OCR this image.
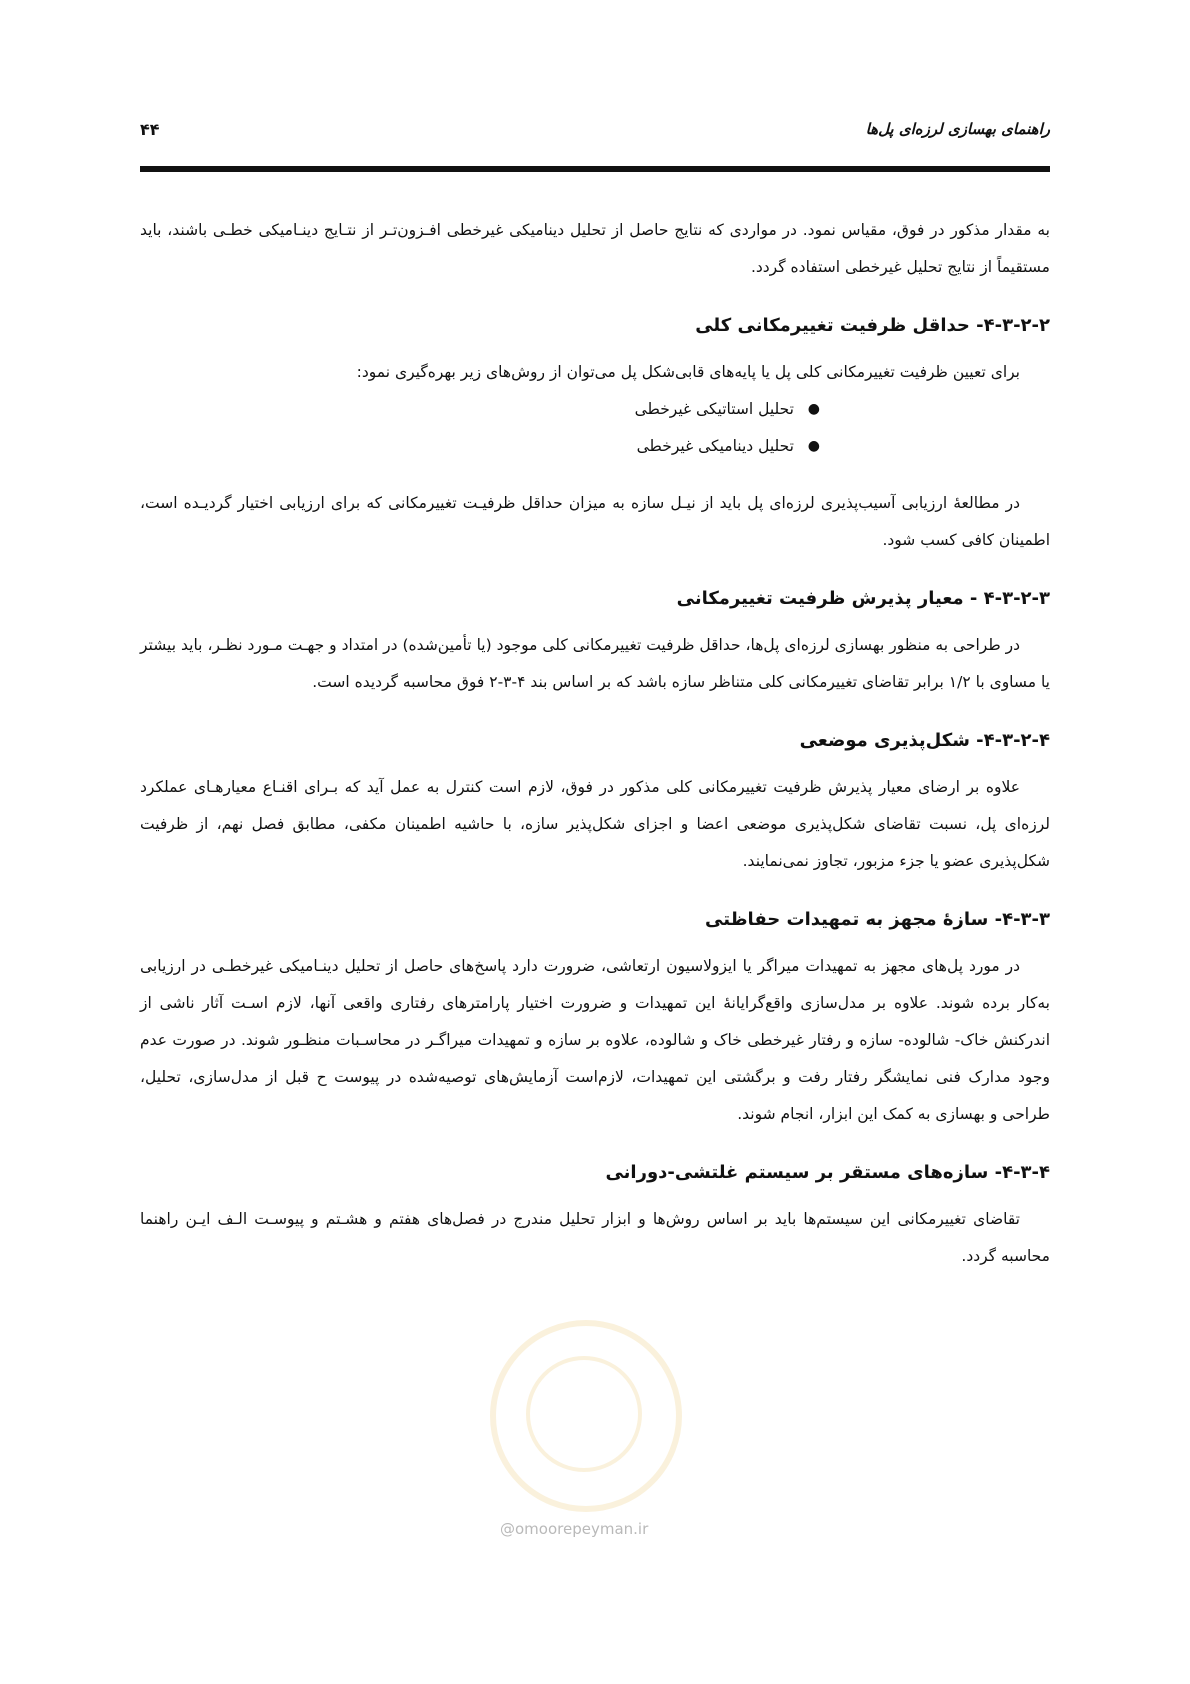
۴۴	راهنمای بهسازی لرزه‌ای پل‌ها

به مقدار مذکور در فوق، مقیاس نمود. در مواردی که نتایج حاصل از تحلیل دینامیکی غیرخطی افـزون‌تـر از نتـایج دینـامیکی خطـی باشند، باید مستقیماً از نتایج تحلیل غیرخطی استفاده گردد.

۴-۳-۲-۲- حداقل ظرفیت تغییرمکانی کلی

برای تعیین ظرفیت تغییرمکانی کلی پل یا پایه‌های قابی‌شکل پل می‌توان از روش‌های زیر بهره‌گیری نمود:

●
تحلیل استاتیکی غیرخطی
●
تحلیل دینامیکی غیرخطی

در مطالعهٔ ارزیابی آسیب‌پذیری لرزه‌ای پل باید از نیـل سازه به میزان حداقل ظرفیـت تغییرمکانی که برای ارزیابی اختیار گردیـده است، اطمینان کافی کسب شود.

۴-۳-۲-۳ - معیار پذیرش ظرفیت تغییرمکانی

در طراحی به منظور بهسازی لرزه‌ای پل‌ها، حداقل ظرفیت تغییرمکانی کلی موجود (یا تأمین‌شده) در امتداد و جهـت مـورد نظـر، باید بیشتر یا مساوی با ۱/۲ برابر تقاضای تغییرمکانی کلی متناظر سازه باشد که بر اساس بند ۴-۳-۲ فوق محاسبه گردیده است.

۴-۳-۲-۴- شکل‌پذیری موضعی

علاوه بر ارضای معیار پذیرش ظرفیت تغییرمکانی کلی مذکور در فوق، لازم است کنترل به عمل آید که بـرای اقنـاع معیارهـای عملکرد لرزه‌ای پل، نسبت تقاضای شکل‌پذیری موضعی اعضا و اجزای شکل‌پذیر سازه، با حاشیه اطمینان مکفی، مطابق فصل نهم، از ظرفیت شکل‌پذیری عضو یا جزء مزبور، تجاوز نمی‌نمایند.

۴-۳-۳- سازهٔ مجهز به تمهیدات حفاظتی

در مورد پل‌های مجهز به تمهیدات میراگر یا ایزولاسیون ارتعاشی، ضرورت دارد پاسخ‌های حاصل از تحلیل دینـامیکی غیرخطـی در ارزیابی به‌کار برده شوند. علاوه بر مدل‌سازی واقع‌گرایانهٔ این تمهیدات و ضرورت اختیار پارامترهای رفتاری واقعی آنها، لازم اسـت آثار ناشی از اندرکنش خاک- شالوده- سازه و رفتار غیرخطی خاک و شالوده، علاوه بر سازه و تمهیدات میراگـر در محاسـبات منظـور شوند. در صورت عدم وجود مدارک فنی نمایشگر رفتار رفت و برگشتی این تمهیدات، لازم‌است آزمایش‌های توصیه‌شده در پیوست ح قبل از مدل‌سازی، تحلیل، طراحی و بهسازی به کمک این ابزار، انجام شوند.

۴-۳-۴- سازه‌های مستقر بر سیستم غلتشی-دورانی

تقاضای تغییرمکانی این سیستم‌ها باید بر اساس روش‌ها و ابزار تحلیل مندرج در فصل‌های هفتم و هشـتم و پیوسـت الـف ایـن راهنما محاسبه گردد.

@omoorepeyman.ir
